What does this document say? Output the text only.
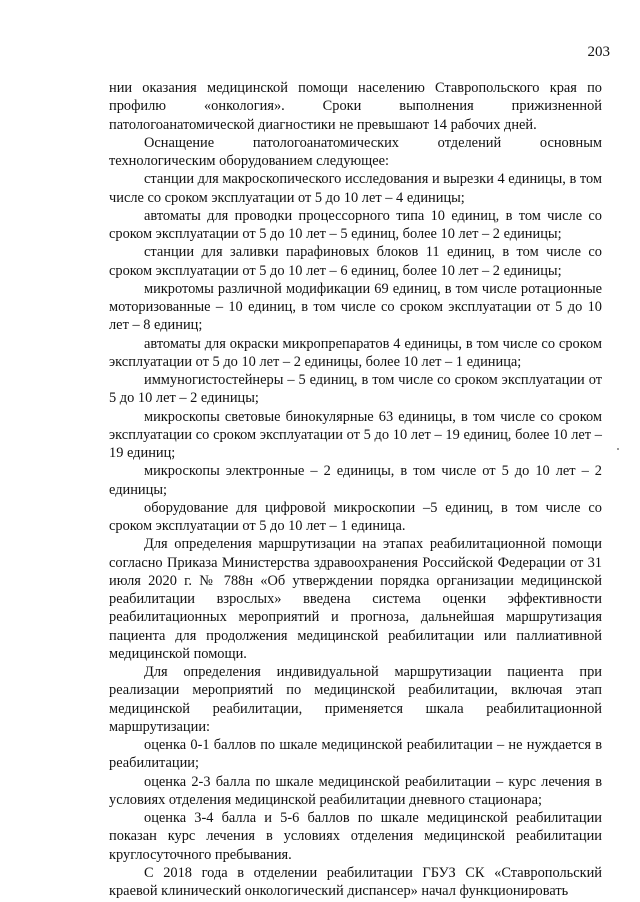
203

нии оказания медицинской помощи населению Ставропольского края по профилю «онкология». Сроки выполнения прижизненной патологоанатомической диагностики не превышают 14 рабочих дней.

Оснащение патологоанатомических отделений основным технологическим оборудованием следующее:

станции для макроскопического исследования и вырезки 4 единицы, в том числе со сроком эксплуатации от 5 до 10 лет – 4 единицы;

автоматы для проводки процессорного типа 10 единиц, в том числе со сроком эксплуатации от 5 до 10 лет – 5 единиц, более 10 лет – 2 единицы;

станции для заливки парафиновых блоков 11 единиц, в том числе со сроком эксплуатации от 5 до 10 лет – 6 единиц, более 10 лет – 2 единицы;

микротомы различной модификации 69 единиц, в том числе ротационные моторизованные – 10 единиц, в том числе со сроком эксплуатации от 5 до 10 лет – 8 единиц;

автоматы для окраски микропрепаратов 4 единицы, в том числе со сроком эксплуатации от 5 до 10 лет – 2 единицы, более 10 лет – 1 единица;

иммуногистостейнеры – 5 единиц, в том числе со сроком эксплуатации от 5 до 10 лет – 2 единицы;

микроскопы световые бинокулярные 63 единицы, в том числе со сроком эксплуатации со сроком эксплуатации от 5 до 10 лет – 19 единиц, более 10 лет – 19 единиц;

микроскопы электронные – 2 единицы, в том числе от 5 до 10 лет – 2 единицы;

оборудование для цифровой микроскопии –5 единиц, в том числе со сроком эксплуатации от 5 до 10 лет – 1 единица.

Для определения маршрутизации на этапах реабилитационной помощи согласно Приказа Министерства здравоохранения Российской Федерации от 31 июля 2020 г. № 788н «Об утверждении порядка организации медицинской реабилитации взрослых» введена система оценки эффективности реабилитационных мероприятий и прогноза, дальнейшая маршрутизация пациента для продолжения медицинской реабилитации или паллиативной медицинской помощи.

Для определения индивидуальной маршрутизации пациента при реализации мероприятий по медицинской реабилитации, включая этап медицинской реабилитации, применяется шкала реабилитационной маршрутизации:

оценка 0-1 баллов по шкале медицинской реабилитации – не нуждается в реабилитации;

оценка 2-3 балла по шкале медицинской реабилитации – курс лечения в условиях отделения медицинской реабилитации дневного стационара;

оценка 3-4 балла и 5-6 баллов по шкале медицинской реабилитации показан курс лечения в условиях отделения медицинской реабилитации круглосуточного пребывания.

С 2018 года в отделении реабилитации ГБУЗ СК «Ставропольский краевой клинический онкологический диспансер» начал функционировать
